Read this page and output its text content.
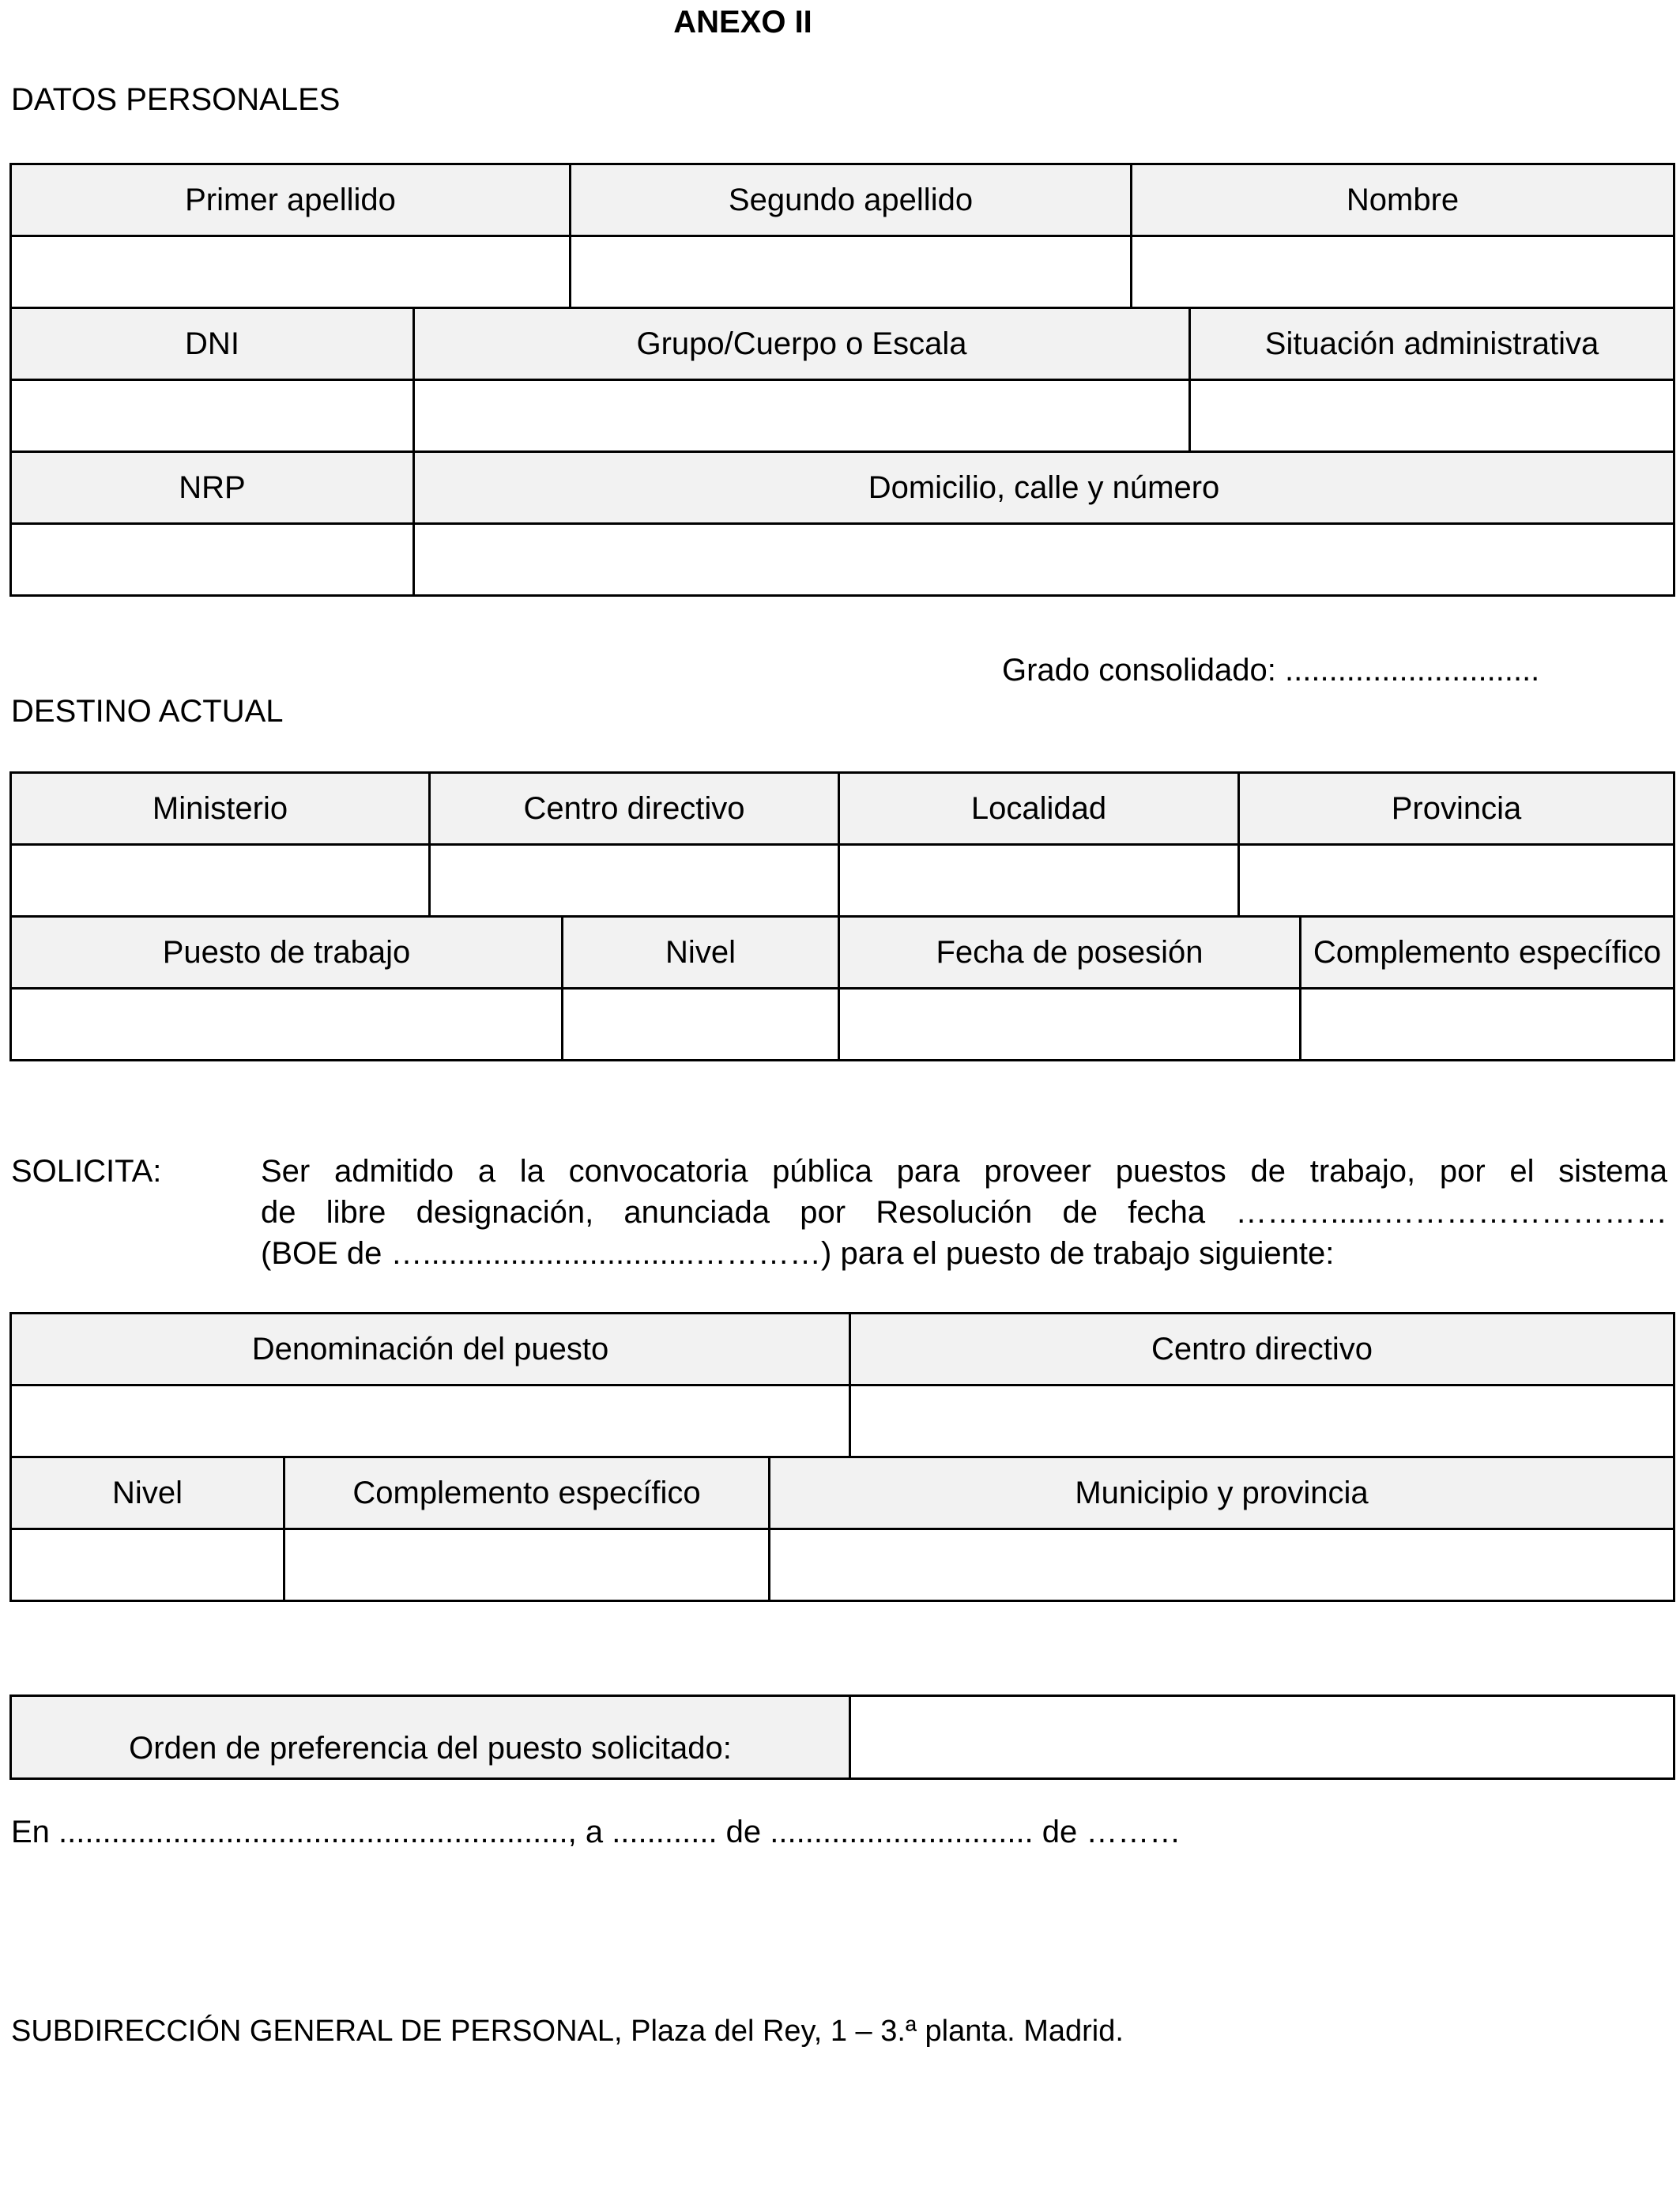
ANEXO II
DATOS PERSONALES
Primer apellido		Segundo apellido	Nombre	

DNI	Grupo/Cuerpo o Escala			Situación administrativa

NRP	Domicilio, calle y número			

Grado consolidado: .............................
DESTINO ACTUAL
Ministerio	Centro directivo		Localidad	Provincia	

Puesto de trabajo		Nivel	Fecha de posesión		Complemento específico

SOLICITA:	Ser admitido a la convocatoria pública para proveer puestos de trabajo, por el sistema
de libre designación, anunciada por Resolución de fecha ………......………………………
(BOE de …...............................…………) para el puesto de trabajo siguiente:
Denominación del puesto			Centro directivo

Nivel	Complemento específico	Municipio y provincia	

Orden de preferencia del puesto solicitado:	
En .........................................................., a ............ de .............................. de ………
SUBDIRECCIÓN GENERAL DE PERSONAL, Plaza del Rey, 1 – 3.ª planta. Madrid.
